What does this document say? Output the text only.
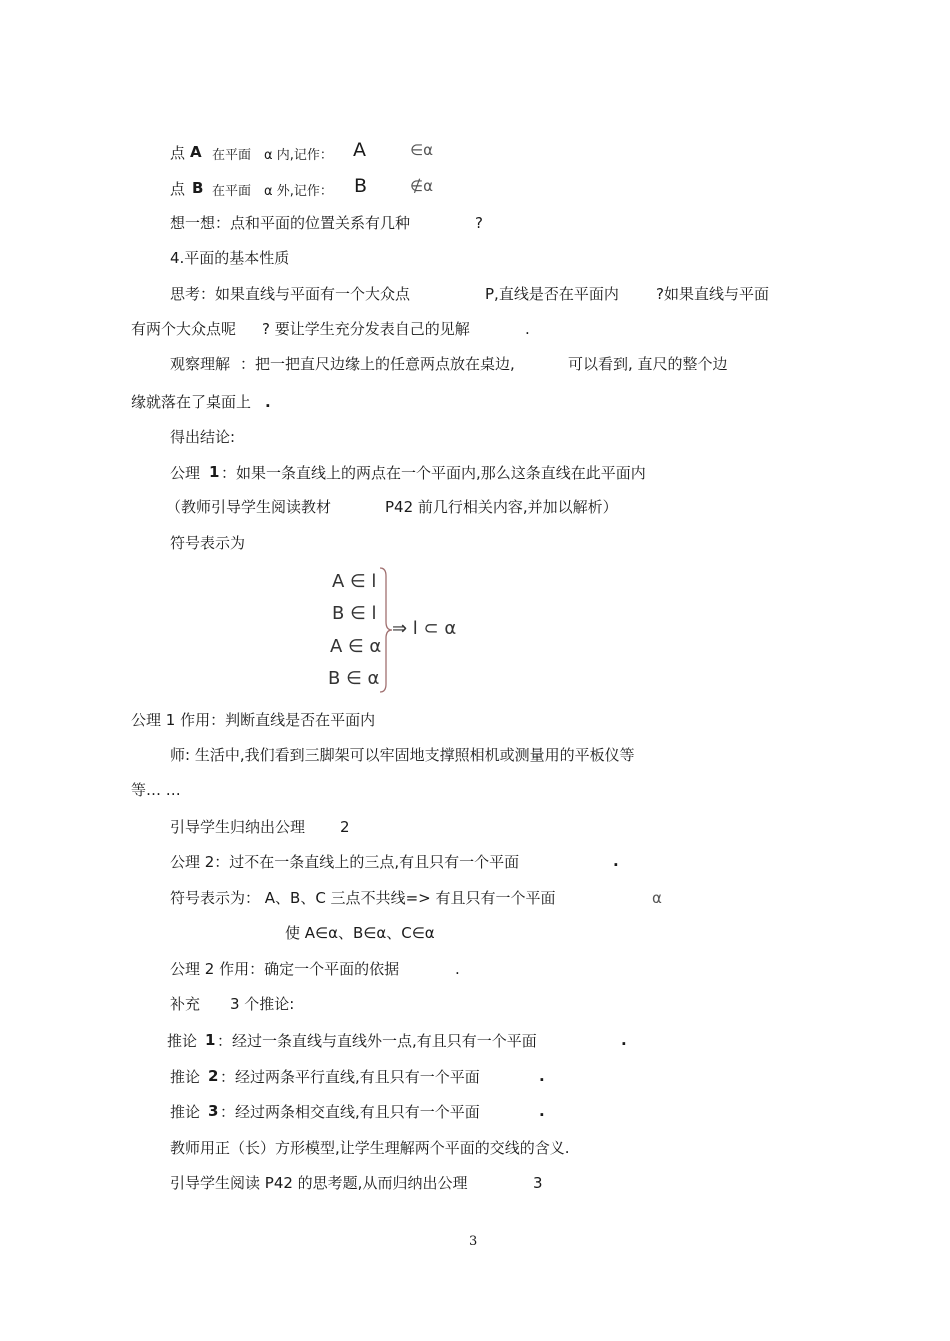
点 A 在平面 α 内,记作： A	∈α
点 B 在平面 α 外,记作： B	∉α
想一想：点和平面的位置关系有几种	?
4.平面的基本性质
思考：如果直线与平面有一个大众点	P,直线是否在平面内 ?如果直线与平面
有两个大众点呢 ? 要让学生充分发表自己的见解	.
观察理解 ：把一把直尺边缘上的任意两点放在桌边,	可以看到, 直尺的整个边
缘就落在了桌面上 .
得出结论:
公理 1 ：如果一条直线上的两点在一个平面内,那么这条直线在此平面内
（教师引导学生阅读教材	P42 前几行相关内容,并加以解析）
符号表示为
A ∈ l
B ∈ l
A ∈ α
B ∈ α
⇒ l ⊂ α
公理 1 作用：判断直线是否在平面内
师: 生活中,我们看到三脚架可以牢固地支撑照相机或测量用的平板仪等
等… …
引导学生归纳出公理 2
公理 2：过不在一条直线上的三点,有且只有一个平面	.
符号表示为： A、B、C 三点不共线=> 有且只有一个平面	α
使 A∈α、B∈α、C∈α
公理 2 作用：确定一个平面的依据	.
补充 3 个推论:
推论 1 ：经过一条直线与直线外一点,有且只有一个平面	.
推论 2 ：经过两条平行直线,有且只有一个平面	.
推论 3 ：经过两条相交直线,有且只有一个平面	.
教师用正（长）方形模型,让学生理解两个平面的交线的含义.
引导学生阅读 P42 的思考题,从而归纳出公理	3
3
